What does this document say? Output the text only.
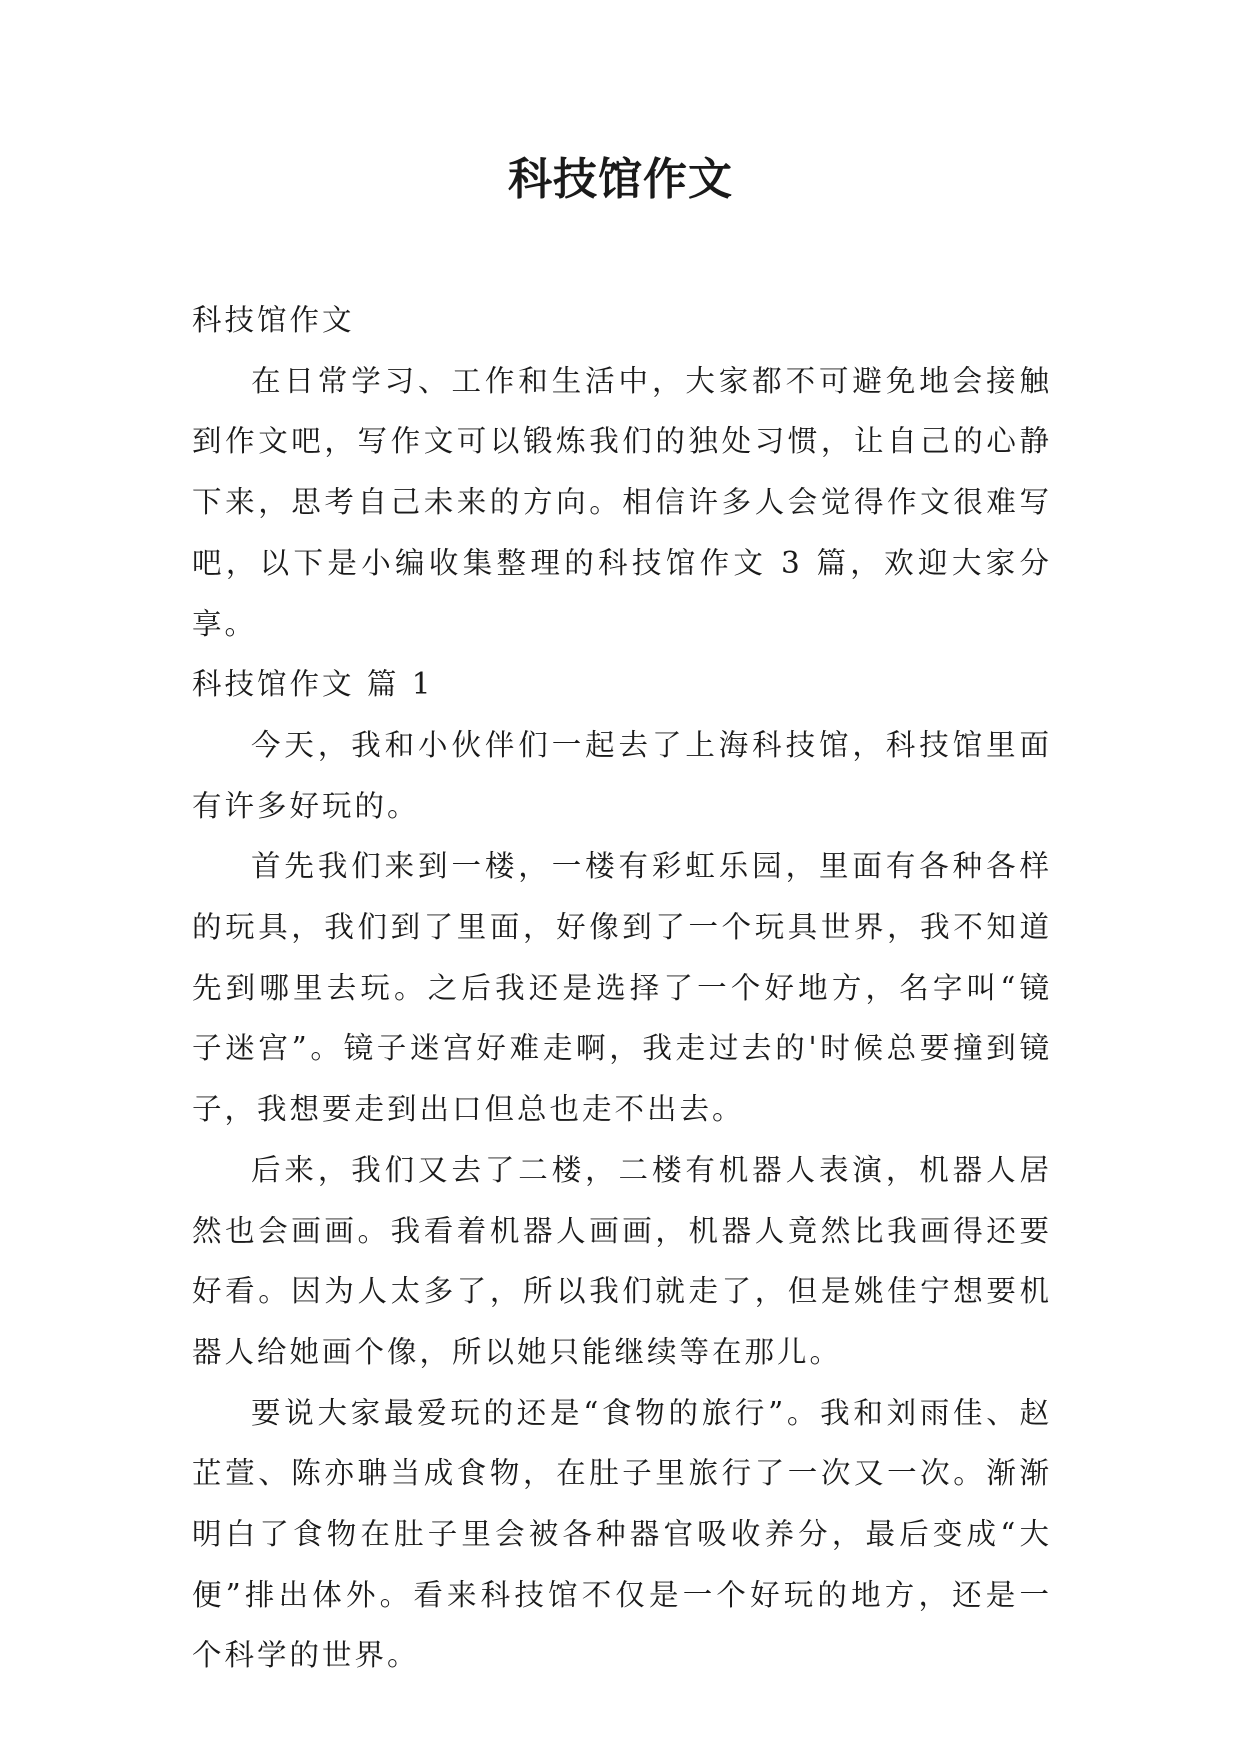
科技馆作文

科技馆作文

在日常学习、工作和生活中，大家都不可避免地会接触到作文吧，写作文可以锻炼我们的独处习惯，让自己的心静下来，思考自己未来的方向。相信许多人会觉得作文很难写吧，以下是小编收集整理的科技馆作文 3 篇，欢迎大家分享。

科技馆作文 篇 1

今天，我和小伙伴们一起去了上海科技馆，科技馆里面有许多好玩的。

首先我们来到一楼，一楼有彩虹乐园，里面有各种各样的玩具，我们到了里面，好像到了一个玩具世界，我不知道先到哪里去玩。之后我还是选择了一个好地方，名字叫“镜子迷宫”。镜子迷宫好难走啊，我走过去的'时候总要撞到镜子，我想要走到出口但总也走不出去。

后来，我们又去了二楼，二楼有机器人表演，机器人居然也会画画。我看着机器人画画，机器人竟然比我画得还要好看。因为人太多了，所以我们就走了，但是姚佳宁想要机器人给她画个像，所以她只能继续等在那儿。

要说大家最爱玩的还是“食物的旅行”。我和刘雨佳、赵芷萱、陈亦聃当成食物，在肚子里旅行了一次又一次。渐渐明白了食物在肚子里会被各种器官吸收养分，最后变成“大便”排出体外。看来科技馆不仅是一个好玩的地方，还是一个科学的世界。
